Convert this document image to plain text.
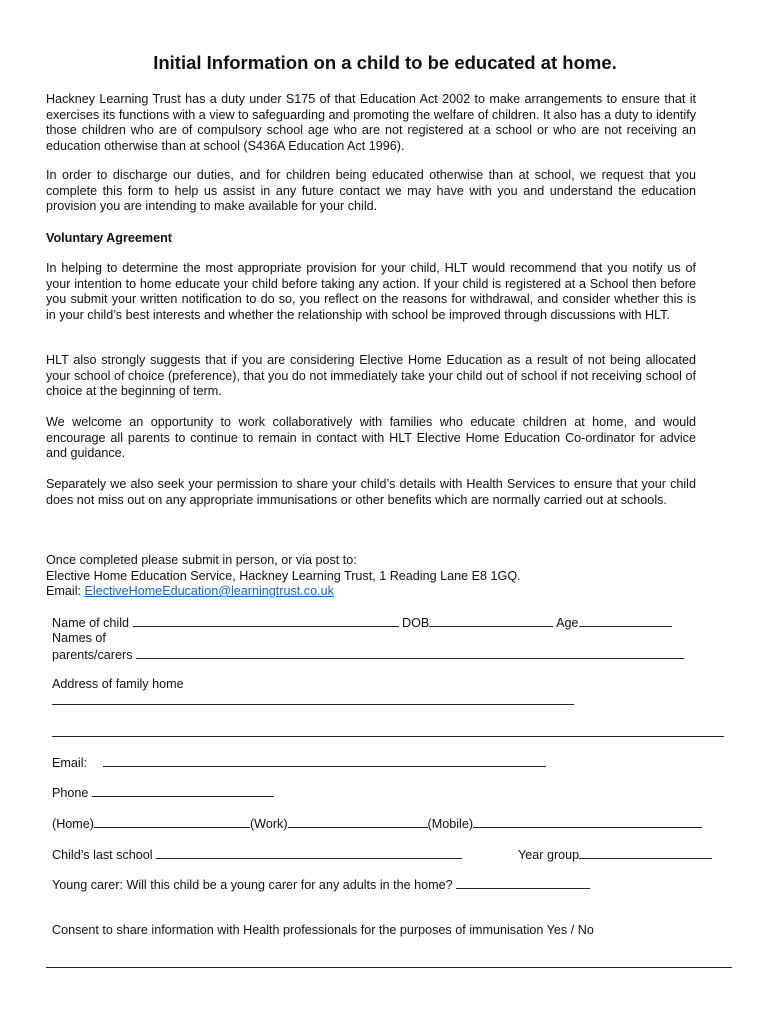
Initial Information on a child to be educated at home.
Hackney Learning Trust has a duty under S175 of that Education Act 2002 to make arrangements to ensure that it exercises its functions with a view to safeguarding and promoting the welfare of children. It also has a duty to identify those children who are of compulsory school age who are not registered at a school or who are not receiving an education otherwise than at school (S436A Education Act 1996).
In order to discharge our duties, and for children being educated otherwise than at school, we request that you complete this form to help us assist in any future contact we may have with you and understand the education provision you are intending to make available for your child.
Voluntary Agreement
In helping to determine the most appropriate provision for your child, HLT would recommend that you notify us of your intention to home educate your child before taking any action. If your child is registered at a School then before you submit your written notification to do so, you reflect on the reasons for withdrawal, and consider whether this is in your child’s best interests and whether the relationship with school be improved through discussions with HLT.
HLT also strongly suggests that if you are considering Elective Home Education as a result of not being allocated your school of choice (preference), that you do not immediately take your child out of school if not receiving school of choice at the beginning of term.
We welcome an opportunity to work collaboratively with families who educate children at home, and would encourage all parents to continue to remain in contact with HLT Elective Home Education Co-ordinator for advice and guidance.
Separately we also seek your permission to share your child’s details with Health Services to ensure that your child does not miss out on any appropriate immunisations or other benefits which are normally carried out at schools.
Once completed please submit in person, or via post to:
Elective Home Education Service, Hackney Learning Trust, 1 Reading Lane E8 1GQ.
Email: ElectiveHomeEducation@learningtrust.co.uk
Name of child	DOB	Age
Names of
parents/carers
Address of family home
Email:
Phone
(Home)	(Work)	(Mobile)
Child’s last school	Year group
Young carer: Will this child be a young carer for any adults in the home?
Consent to share information with Health professionals for the purposes of immunisation Yes / No
